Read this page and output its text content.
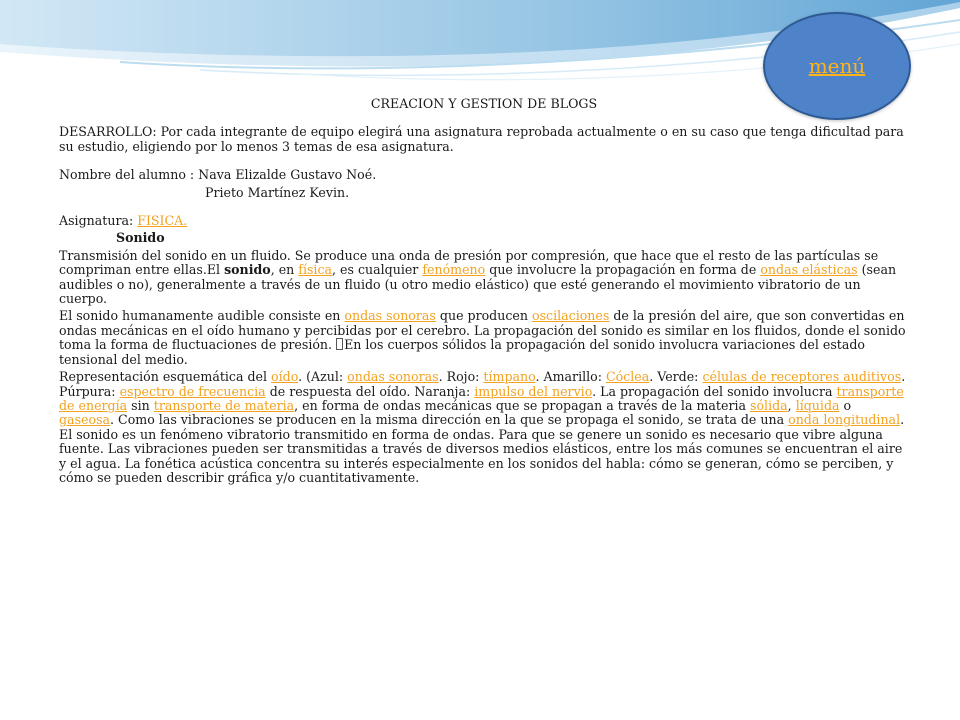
menú
CREACION Y GESTION DE BLOGS
DESARROLLO: Por cada integrante de equipo elegirá una asignatura reprobada actualmente o en su caso que tenga dificultad para su estudio, eligiendo por lo menos 3 temas de esa asignatura.
Nombre del alumno : Nava Elizalde Gustavo Noé.
Prieto Martínez Kevin.
Asignatura: FISICA.
Sonido
Transmisión del sonido en un fluido. Se produce una onda de presión por compresión, que hace que el resto de las partículas se compriman entre ellas.El sonido, en física, es cualquier fenómeno que involucre la propagación en forma de ondas elásticas (sean audibles o no), generalmente a través de un fluido (u otro medio elástico) que esté generando el movimiento vibratorio de un cuerpo.
El sonido humanamente audible consiste en ondas sonoras que producen oscilaciones de la presión del aire, que son convertidas en ondas mecánicas en el oído humano y percibidas por el cerebro. La propagación del sonido es similar en los fluidos, donde el sonido toma la forma de fluctuaciones de presión. En los cuerpos sólidos la propagación del sonido involucra variaciones del estado tensional del medio.
Representación esquemática del oído. (Azul: ondas sonoras. Rojo: tímpano. Amarillo: Cóclea. Verde: células de receptores auditivos. Púrpura: espectro de frecuencia de respuesta del oído. Naranja: impulso del nervio. La propagación del sonido involucra transporte de energía sin transporte de materia, en forma de ondas mecánicas que se propagan a través de la materia sólida, líquida o gaseosa. Como las vibraciones se producen en la misma dirección en la que se propaga el sonido, se trata de una onda longitudinal. El sonido es un fenómeno vibratorio transmitido en forma de ondas. Para que se genere un sonido es necesario que vibre alguna fuente. Las vibraciones pueden ser transmitidas a través de diversos medios elásticos, entre los más comunes se encuentran el aire y el agua. La fonética acústica concentra su interés especialmente en los sonidos del habla: cómo se generan, cómo se perciben, y cómo se pueden describir gráfica y/o cuantitativamente.
